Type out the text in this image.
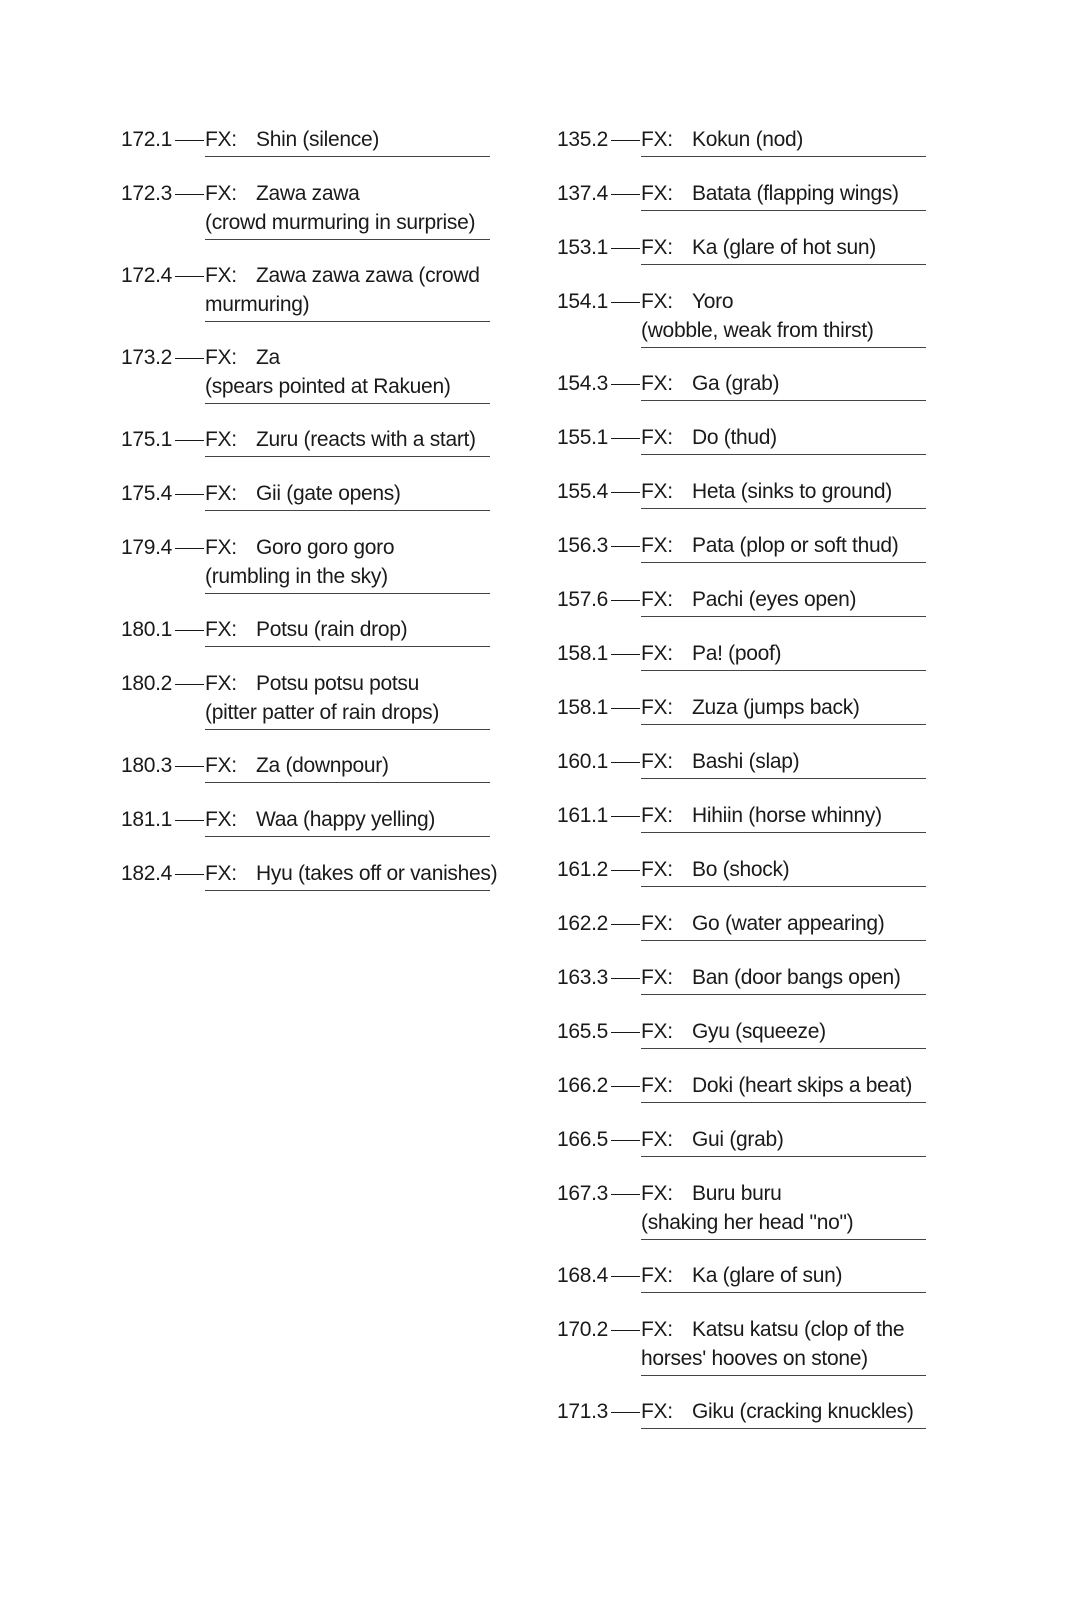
172.1 FX: Shin (silence)
172.3 FX: Zawa zawa
(crowd murmuring in surprise)
172.4 FX: Zawa zawa zawa (crowd
murmuring)
173.2 FX: Za
(spears pointed at Rakuen)
175.1 FX: Zuru (reacts with a start)
175.4 FX: Gii (gate opens)
179.4 FX: Goro goro goro
(rumbling in the sky)
180.1 FX: Potsu (rain drop)
180.2 FX: Potsu potsu potsu
(pitter patter of rain drops)
180.3 FX: Za (downpour)
181.1 FX: Waa (happy yelling)
182.4 FX: Hyu (takes off or vanishes)
135.2 FX: Kokun (nod)
137.4 FX: Batata (flapping wings)
153.1 FX: Ka (glare of hot sun)
154.1 FX: Yoro
(wobble, weak from thirst)
154.3 FX: Ga (grab)
155.1 FX: Do (thud)
155.4 FX: Heta (sinks to ground)
156.3 FX: Pata (plop or soft thud)
157.6 FX: Pachi (eyes open)
158.1 FX: Pa! (poof)
158.1 FX: Zuza (jumps back)
160.1 FX: Bashi (slap)
161.1 FX: Hihiin (horse whinny)
161.2 FX: Bo (shock)
162.2 FX: Go (water appearing)
163.3 FX: Ban (door bangs open)
165.5 FX: Gyu (squeeze)
166.2 FX: Doki (heart skips a beat)
166.5 FX: Gui (grab)
167.3 FX: Buru buru
(shaking her head "no")
168.4 FX: Ka (glare of sun)
170.2 FX: Katsu katsu (clop of the
horses' hooves on stone)
171.3 FX: Giku (cracking knuckles)
